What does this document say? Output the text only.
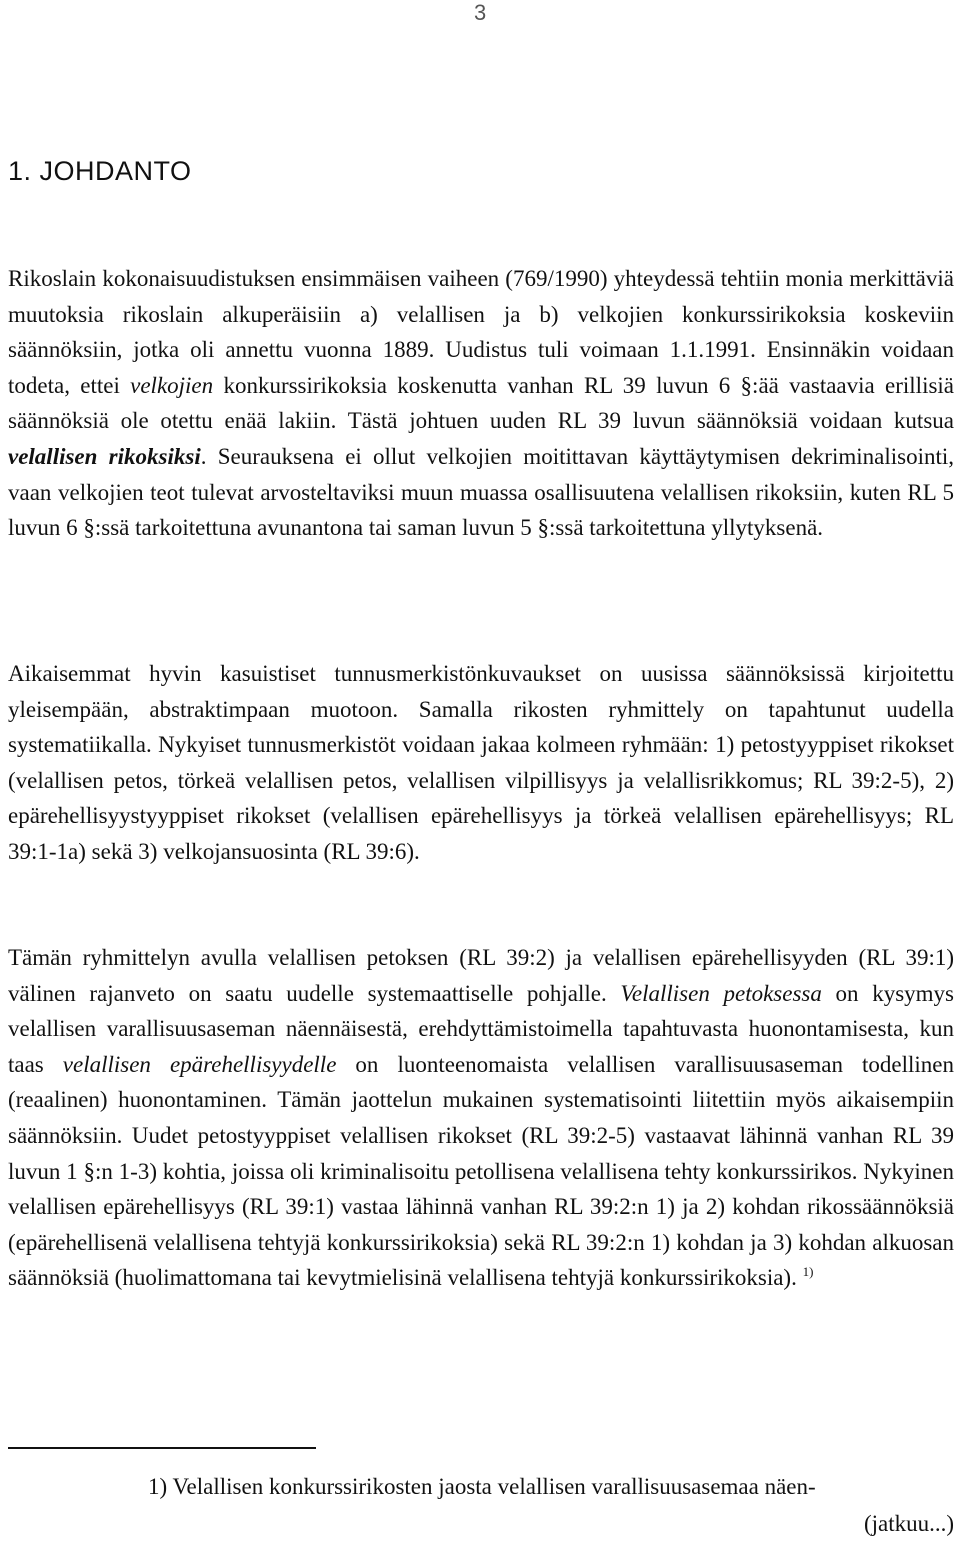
3
1. JOHDANTO

Rikoslain kokonaisuudistuksen ensimmäisen vaiheen (769/1990) yhteydessä tehtiin monia merkittäviä muutoksia rikoslain alkuperäisiin a) velallisen ja b) velkojien konkurssirikoksia koskeviin säännöksiin, jotka oli annettu vuonna 1889. Uudistus tuli voimaan 1.1.1991. Ensinnäkin voidaan todeta, ettei velkojien konkurssirikoksia koskenutta vanhan RL 39 luvun 6 §:ää vastaavia erillisiä säännöksiä ole otettu enää lakiin. Tästä johtuen uuden RL 39 luvun säännöksiä voidaan kutsua velallisen rikoksiksi. Seurauksena ei ollut velkojien moitittavan käyttäytymisen dekriminalisointi, vaan velkojien teot tulevat arvosteltaviksi muun muassa osallisuutena velallisen rikoksiin, kuten RL 5 luvun 6 §:ssä tarkoitettuna avunantona tai saman luvun 5 §:ssä tarkoitettuna yllytyksenä.

Aikaisemmat hyvin kasuistiset tunnusmerkistönkuvaukset on uusissa säännöksissä kirjoitettu yleisempään, abstraktimpaan muotoon. Samalla rikosten ryhmittely on tapahtunut uudella systematiikalla. Nykyiset tunnusmerkistöt voidaan jakaa kolmeen ryhmään: 1) petostyyppiset rikokset (velallisen petos, törkeä velallisen petos, velallisen vilpillisyys ja velallisrikkomus; RL 39:2-5), 2) epärehellisyystyyppiset rikokset (velallisen epärehellisyys ja törkeä velallisen epärehellisyys; RL 39:1-1a) sekä 3) velkojansuosinta (RL 39:6).

Tämän ryhmittelyn avulla velallisen petoksen (RL 39:2) ja velallisen epärehellisyyden (RL 39:1) välinen rajanveto on saatu uudelle systemaattiselle pohjalle. Velallisen petoksessa on kysymys velallisen varallisuusaseman näennäisestä, erehdyttämistoimella tapahtuvasta huonontamisesta, kun taas velallisen epärehellisyydelle on luonteenomaista velallisen varallisuusaseman todellinen (reaalinen) huonontaminen. Tämän jaottelun mukainen systematisointi liitettiin myös aikaisempiin säännöksiin. Uudet petostyyppiset velallisen rikokset (RL 39:2-5) vastaavat lähinnä vanhan RL 39 luvun 1 §:n 1-3) kohtia, joissa oli kriminalisoitu petollisena velallisena tehty konkurssirikos. Nykyinen velallisen epärehellisyys (RL 39:1) vastaa lähinnä vanhan RL 39:2:n 1) ja 2) kohdan rikossäännöksiä (epärehellisenä velallisena tehtyjä konkurssirikoksia) sekä RL 39:2:n 1) kohdan ja 3) kohdan alkuosan säännöksiä (huolimattomana tai kevytmielisinä velallisena tehtyjä konkurssirikoksia). $^{1)}$

1) Velallisen konkurssirikosten jaosta velallisen varallisuusasemaa näen-

(jatkuu...)
